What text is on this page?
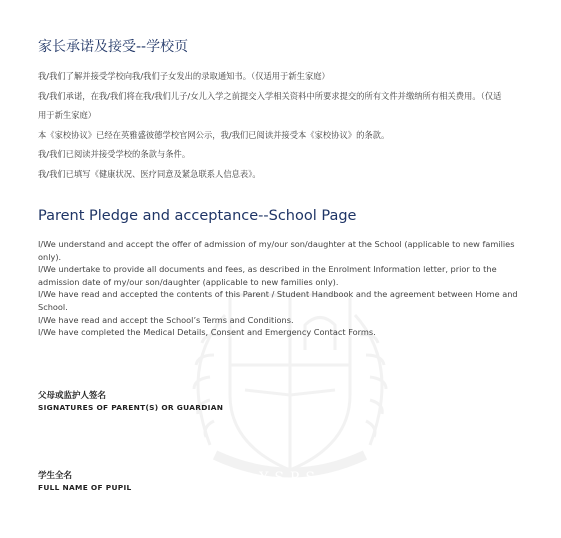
YSPS
家长承诺及接受--学校页

我/我们了解并接受学校向我/我们子女发出的录取通知书。（仅适用于新生家庭）

我/我们承诺，在我/我们将在我/我们儿子/女儿入学之前提交入学相关资料中所要求提交的所有文件并缴纳所有相关费用。（仅适用于新生家庭）

本《家校协议》已经在英雅盛彼德学校官网公示，我/我们已阅读并接受本《家校协议》的条款。

我/我们已阅读并接受学校的条款与条件。

我/我们已填写《健康状况、医疗同意及紧急联系人信息表》。

Parent Pledge and acceptance--School Page

I/We understand and accept the offer of admission of my/our son/daughter at the School (applicable to new families only).

I/We undertake to provide all documents and fees, as described in the Enrolment Information letter, prior to the admission date of my/our son/daughter (applicable to new families only).

I/We have read and accepted the contents of this Parent / Student Handbook and the agreement between Home and School.

I/We have read and accept the School’s Terms and Conditions.

I/We have completed the Medical Details, Consent and Emergency Contact Forms.

父母或监护人签名
SIGNATURES OF PARENT(S) OR GUARDIAN
学生全名
FULL NAME OF PUPIL
